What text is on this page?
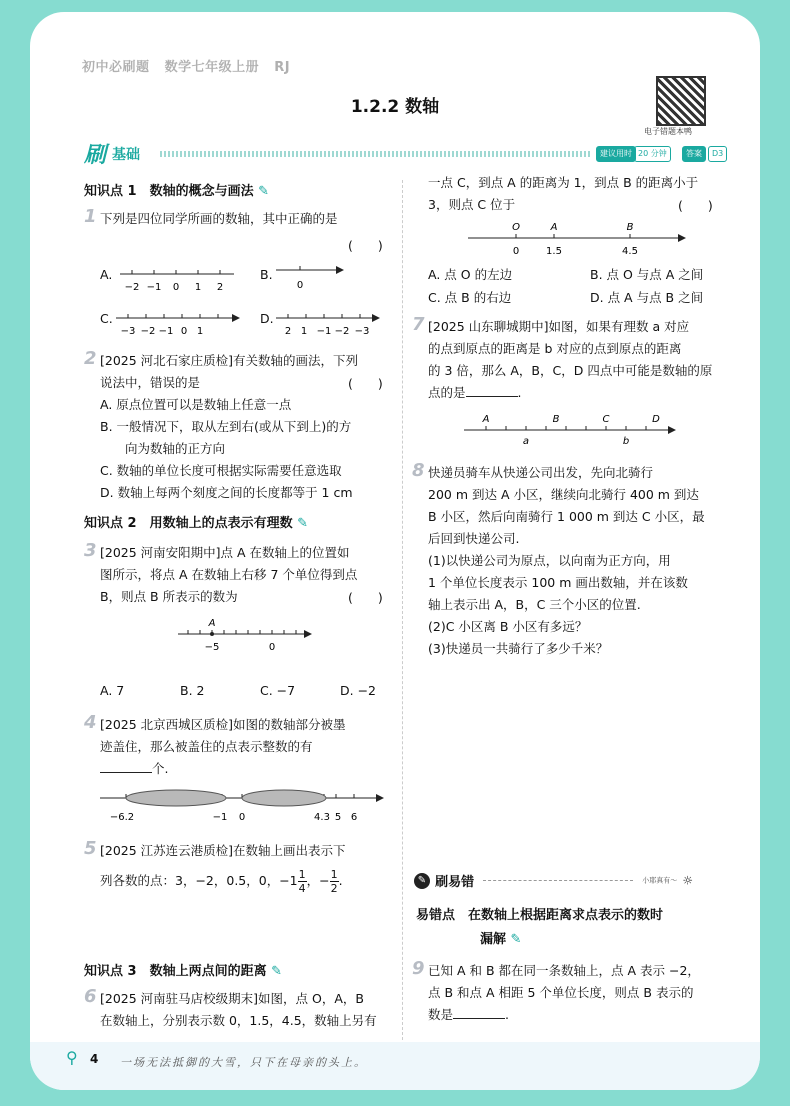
初中必刷题 数学七年级上册 RJ
1.2.2 数轴
电子错题本鸭
刷 基础	建议用时 20 分钟	答案	D3
知识点 1　数轴的概念与画法 ✎
1 下列是四位同学所画的数轴，其中正确的是
(　　)
A.
−2 −1 0 1 2
B.
0
C.
−3 −2 −1 0 1
D.
2 1 −1 −2 −3
2 [2025 河北石家庄质检]有关数轴的画法，下列
说法中，错误的是	(　　)
A. 原点位置可以是数轴上任意一点
B. 一般情况下，取从左到右(或从下到上)的方
　　向为数轴的正方向
C. 数轴的单位长度可根据实际需要任意选取
D. 数轴上每两个刻度之间的长度都等于 1 cm
知识点 2　用数轴上的点表示有理数 ✎
3 [2025 河南安阳期中]点 A 在数轴上的位置如
图所示，将点 A 在数轴上右移 7 个单位得到点
B，则点 B 所表示的数为	(　　)
A
−5	0
A. 7	B. 2	C. −7	D. −2
4 [2025 北京西城区质检]如图的数轴部分被墨
迹盖住，那么被盖住的点表示整数的有
个.
−6.2	−1 0	4.3 5 6
5 [2025 江苏连云港质检]在数轴上画出表示下
列各数的点：3，−2，0.5，0，$-1 \frac{1}{4}$ ，− $\frac{1}{2}$ .
知识点 3　数轴上两点间的距离 ✎
6 [2025 河南驻马店校级期末]如图，点 O，A，B
在数轴上，分别表示数 0，1.5，4.5，数轴上另有
一点 C，到点 A 的距离为 1，到点 B 的距离小于
3，则点 C 位于	(　　)
O	A	B
0	1.5	4.5
A. 点 O 的左边	B. 点 O 与点 A 之间
C. 点 B 的右边	D. 点 A 与点 B 之间
7 [2025 山东聊城期中]如图，如果有理数 a 对应
的点到原点的距离是 b 对应的点到原点的距离
的 3 倍，那么 A，B，C，D 四点中可能是数轴的原
点的是	.
A	B	C	D
a	b
8 快递员骑车从快递公司出发，先向北骑行
200 m 到达 A 小区，继续向北骑行 400 m 到达
B 小区，然后向南骑行 1 000 m 到达 C 小区，最
后回到快递公司.
(1)以快递公司为原点，以向南为正方向，用
1 个单位长度表示 100 m 画出数轴，并在该数
轴上表示出 A，B，C 三个小区的位置.
(2)C 小区离 B 小区有多远？
(3)快递员一共骑行了多少千米？
✎ 刷易错	小耶真有～ ☼
易错点　 在数轴上根据距离求点表示的数时
漏解 ✎
9 已知 A 和 B 都在同一条数轴上，点 A 表示 −2，
点 B 和点 A 相距 5 个单位长度，则点 B 表示的
数是	.
⚲ 4 一场无法抵御的大雪，只下在母亲的头上。
